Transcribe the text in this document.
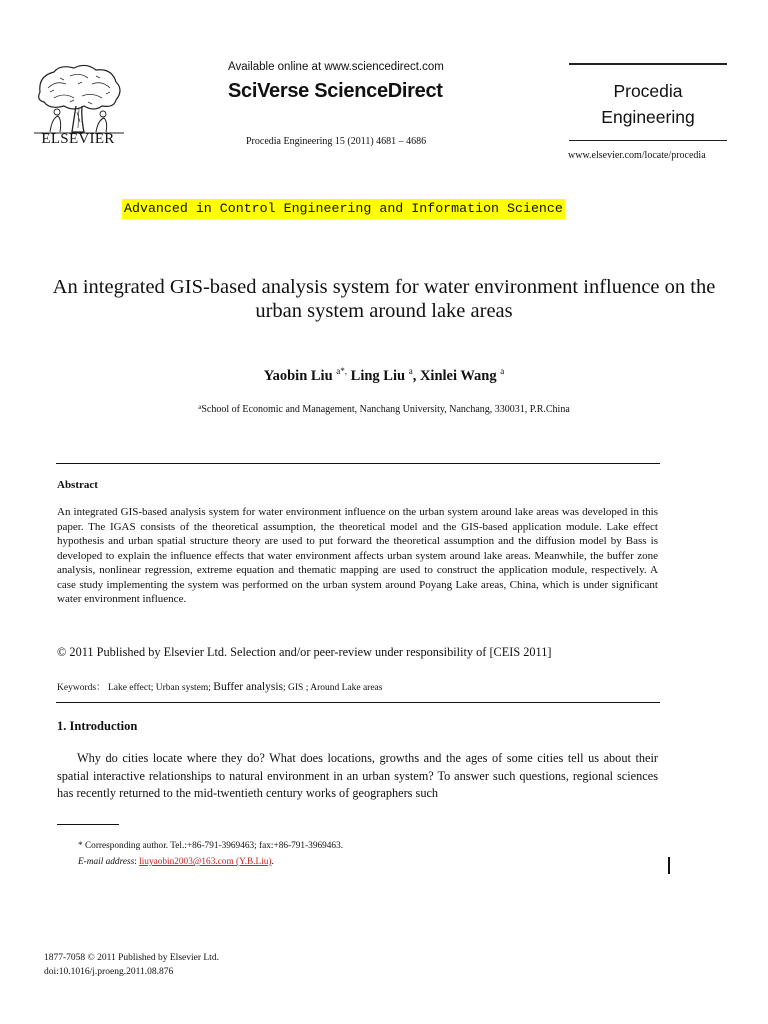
ELSEVIER
Available online at www.sciencedirect.com
SciVerse ScienceDirect
Procedia Engineering 15 (2011) 4681 – 4686
Procedia
Engineering
www.elsevier.com/locate/procedia
Advanced in Control Engineering and Information Science
An integrated GIS-based analysis system for water environment influence on the urban system around lake areas
Yaobin Liu $^{a*,}$ Ling Liu $^a$, Xinlei Wang $^a$
$^a$School of Economic and Management, Nanchang University, Nanchang, 330031, P.R.China
Abstract
An integrated GIS-based analysis system for water environment influence on the urban system around lake areas was developed in this paper. The IGAS consists of the theoretical assumption, the theoretical model and the GIS-based application module. Lake effect hypothesis and urban spatial structure theory are used to put forward the theoretical assumption and the diffusion model by Bass is developed to explain the influence effects that water environment affects urban system around lake areas. Meanwhile, the buffer zone analysis, nonlinear regression, extreme equation and thematic mapping are used to construct the application module, respectively. A case study implementing the system was performed on the urban system around Poyang Lake areas, China, which is under significant water environment influence.
© 2011 Published by Elsevier Ltd. Selection and/or peer-review under responsibility of [CEIS 2011]
Keywords： Lake effect; Urban system; Buffer analysis; GIS ; Around Lake areas
1. Introduction
Why do cities locate where they do? What does locations, growths and the ages of some cities tell us about their spatial interactive relationships to natural environment in an urban system? To answer such questions, regional sciences has recently returned to the mid-twentieth century works of geographers such
* Corresponding author. Tel.:+86-791-3969463; fax:+86-791-3969463.
E-mail address: liuyaobin2003@163.com (Y.B.Liu).
1877-7058 © 2011 Published by Elsevier Ltd.
doi:10.1016/j.proeng.2011.08.876
